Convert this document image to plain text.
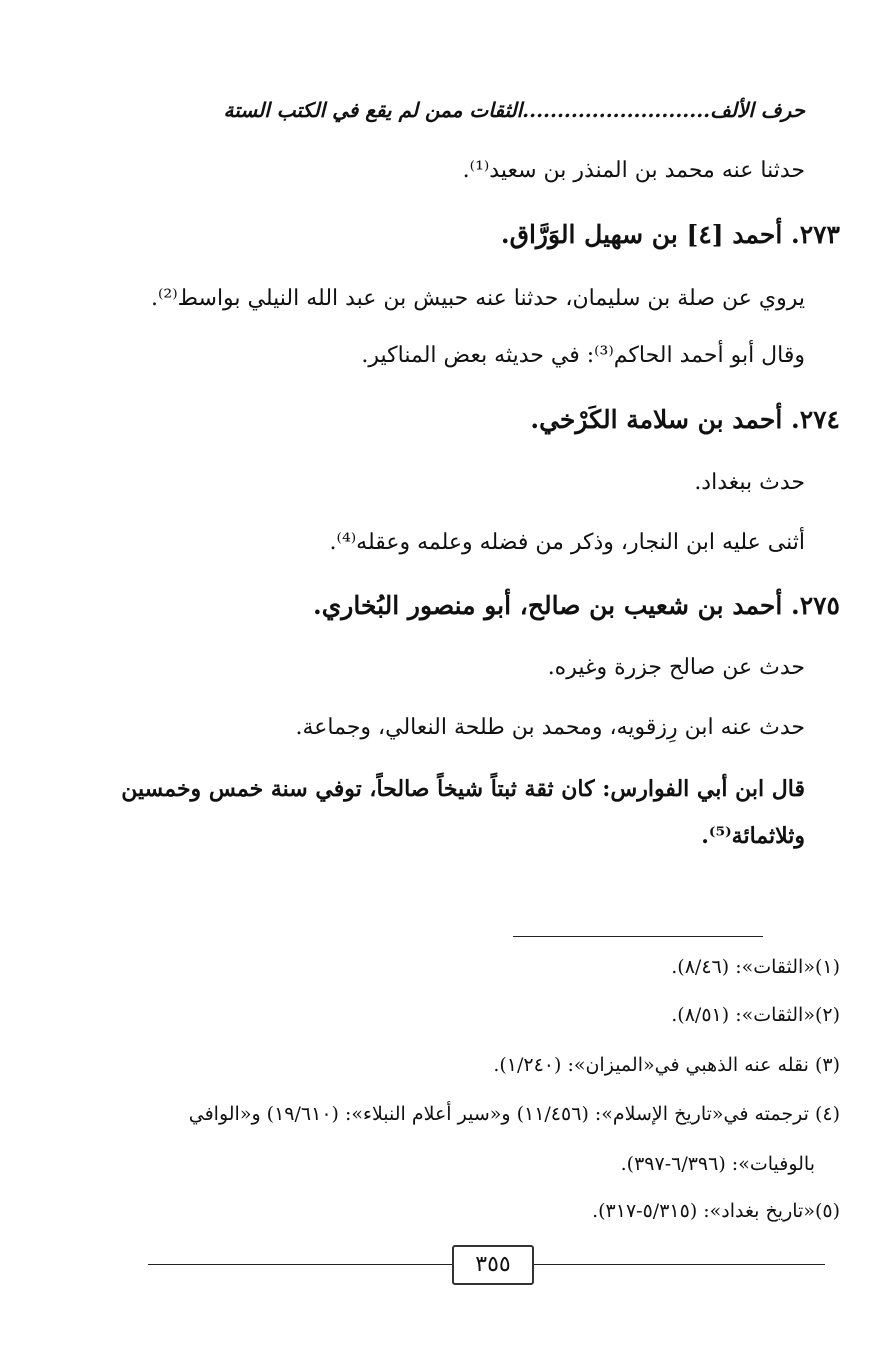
حرف الألف...........................الثقات ممن لم يقع في الكتب الستة
حدثنا عنه محمد بن المنذر بن سعيد⁽¹⁾.
٢٧٣. أحمد [٤] بن سهيل الوَرَّاق.
يروي عن صلة بن سليمان، حدثنا عنه حبيش بن عبد الله النيلي بواسط⁽²⁾.
وقال أبو أحمد الحاكم⁽³⁾: في حديثه بعض المناكير.
٢٧٤. أحمد بن سلامة الكَرْخي.
حدث ببغداد.
أثنى عليه ابن النجار، وذكر من فضله وعلمه وعقله⁽⁴⁾.
٢٧٥. أحمد بن شعيب بن صالح، أبو منصور البُخاري.
حدث عن صالح جزرة وغيره.
حدث عنه ابن رِزقويه، ومحمد بن طلحة النعالي، وجماعة.
قال ابن أبي الفوارس: كان ثقة ثبتاً شيخاً صالحاً، توفي سنة خمس وخمسين
وثلاثمائة⁽⁵⁾.
(١)«الثقات»: (٨/٤٦).
(٢)«الثقات»: (٨/٥١).
(٣) نقله عنه الذهبي في«الميزان»: (١/٢٤٠).
(٤) ترجمته في«تاريخ الإسلام»: (١١/٤٥٦) و«سير أعلام النبلاء»: (١٩/٦١٠) و«الوافي
بالوفيات»: (٦/٣٩٦-٣٩٧).
(٥)«تاريخ بغداد»: (٥/٣١٥-٣١٧).
٣٥٥
